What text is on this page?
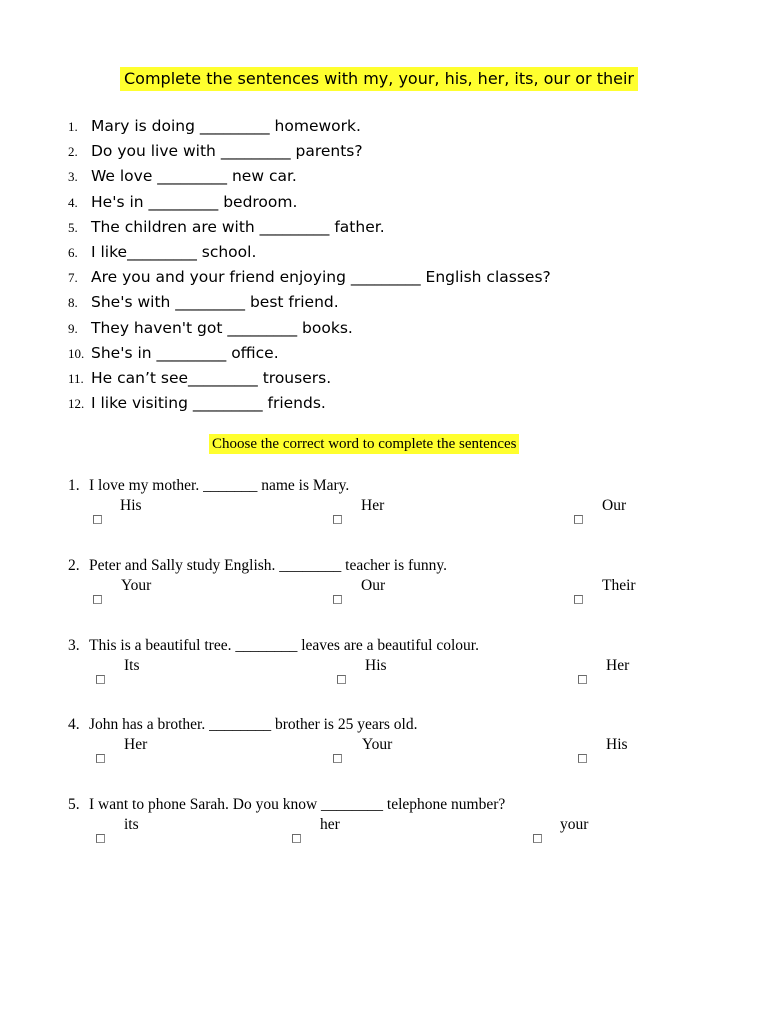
Complete the sentences with my, your, his, her, its, our or their
1. Mary is doing _________ homework.
2. Do you live with _________ parents?
3. We love _________ new car.
4. He's in _________ bedroom.
5. The children are with _________ father.
6. I like_________ school.
7. Are you and your friend enjoying _________ English classes?
8. She's with _________ best friend.
9. They haven't got _________ books.
10. She's in _________ office.
11. He can’t see_________ trousers.
12. I like visiting _________ friends.
Choose the correct word to complete the sentences
1. I love my mother. _______ name is Mary.
His	Her	Our
2. Peter and Sally study English. ________ teacher is funny.
Your	Our	Their
3. This is a beautiful tree. ________ leaves are a beautiful colour.
Its	His	Her
4. John has a brother. ________ brother is 25 years old.
Her	Your	His
5. I want to phone Sarah. Do you know ________ telephone number?
its	her	your
